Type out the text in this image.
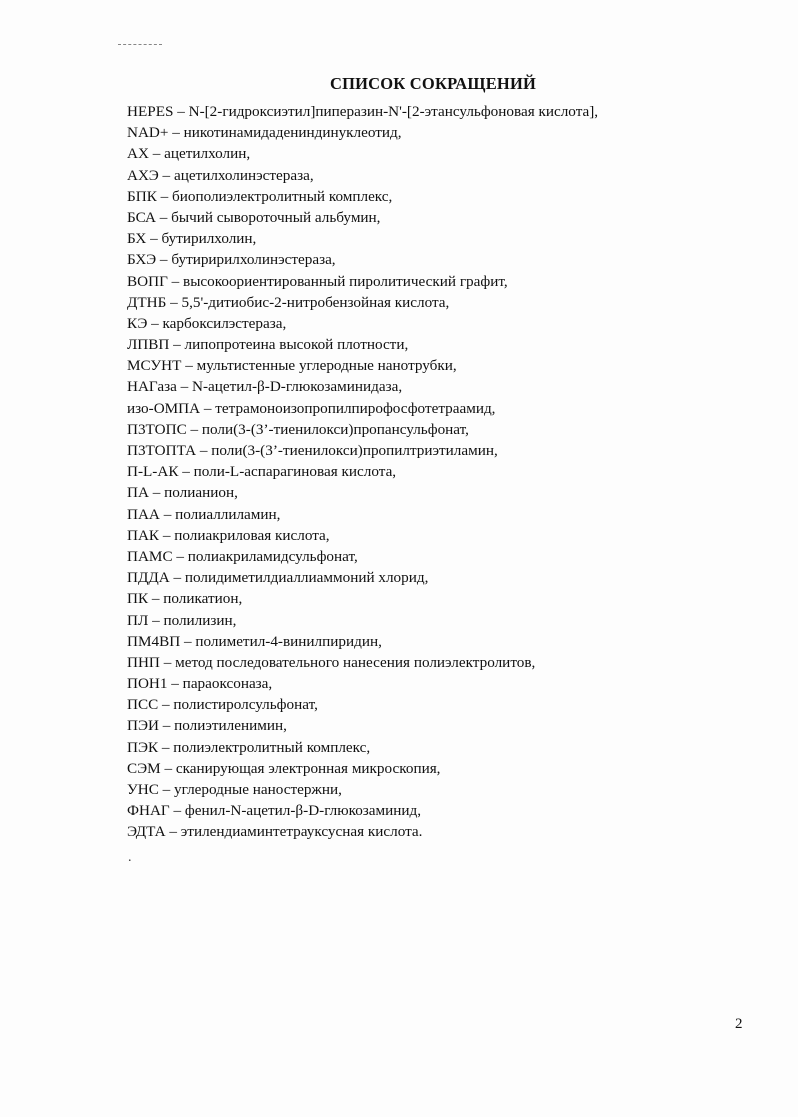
СПИСОК СОКРАЩЕНИЙ
HEPES – N-[2-гидроксиэтил]пиперазин-N'-[2-этансульфоновая кислота],
NAD+ – никотинамидадениндинуклеотид,
АХ – ацетилхолин,
АХЭ – ацетилхолинэстераза,
БПК – биополиэлектролитный комплекс,
БСА – бычий сывороточный альбумин,
БХ – бутирилхолин,
БХЭ – бутиририлхолинэстераза,
ВОПГ – высокоориентированный пиролитический графит,
ДТНБ – 5,5'-дитиобис-2-нитробензойная кислота,
КЭ – карбоксилэстераза,
ЛПВП – липопротеина высокой плотности,
МСУНТ – мультистенные углеродные нанотрубки,
НАГаза – N-ацетил-β-D-глюкозаминидаза,
изо-ОМПА – тетрамоноизопропилпирофосфотетраамид,
П3ТОПС – поли(3-(3’-тиенилокси)пропансульфонат,
П3ТОПТА – поли(3-(3’-тиенилокси)пропилтриэтиламин,
П-L-АК – поли-L-аспарагиновая кислота,
ПА – полианион,
ПАА – полиаллиламин,
ПАК – полиакриловая кислота,
ПАМС – полиакриламидсульфонат,
ПДДА – полидиметилдиаллиаммоний хлорид,
ПК – поликатион,
ПЛ – полилизин,
ПМ4ВП – полиметил-4-винилпиридин,
ПНП – метод последовательного нанесения полиэлектролитов,
ПОН1 – параоксоназа,
ПСС – полистиролсульфонат,
ПЭИ – полиэтиленимин,
ПЭК – полиэлектролитный комплекс,
СЭМ – сканирующая электронная микроскопия,
УНС – углеродные наностержни,
ФНАГ – фенил-N-ацетил-β-D-глюкозаминид,
ЭДТА – этилендиаминтетрауксусная кислота.
.
2
